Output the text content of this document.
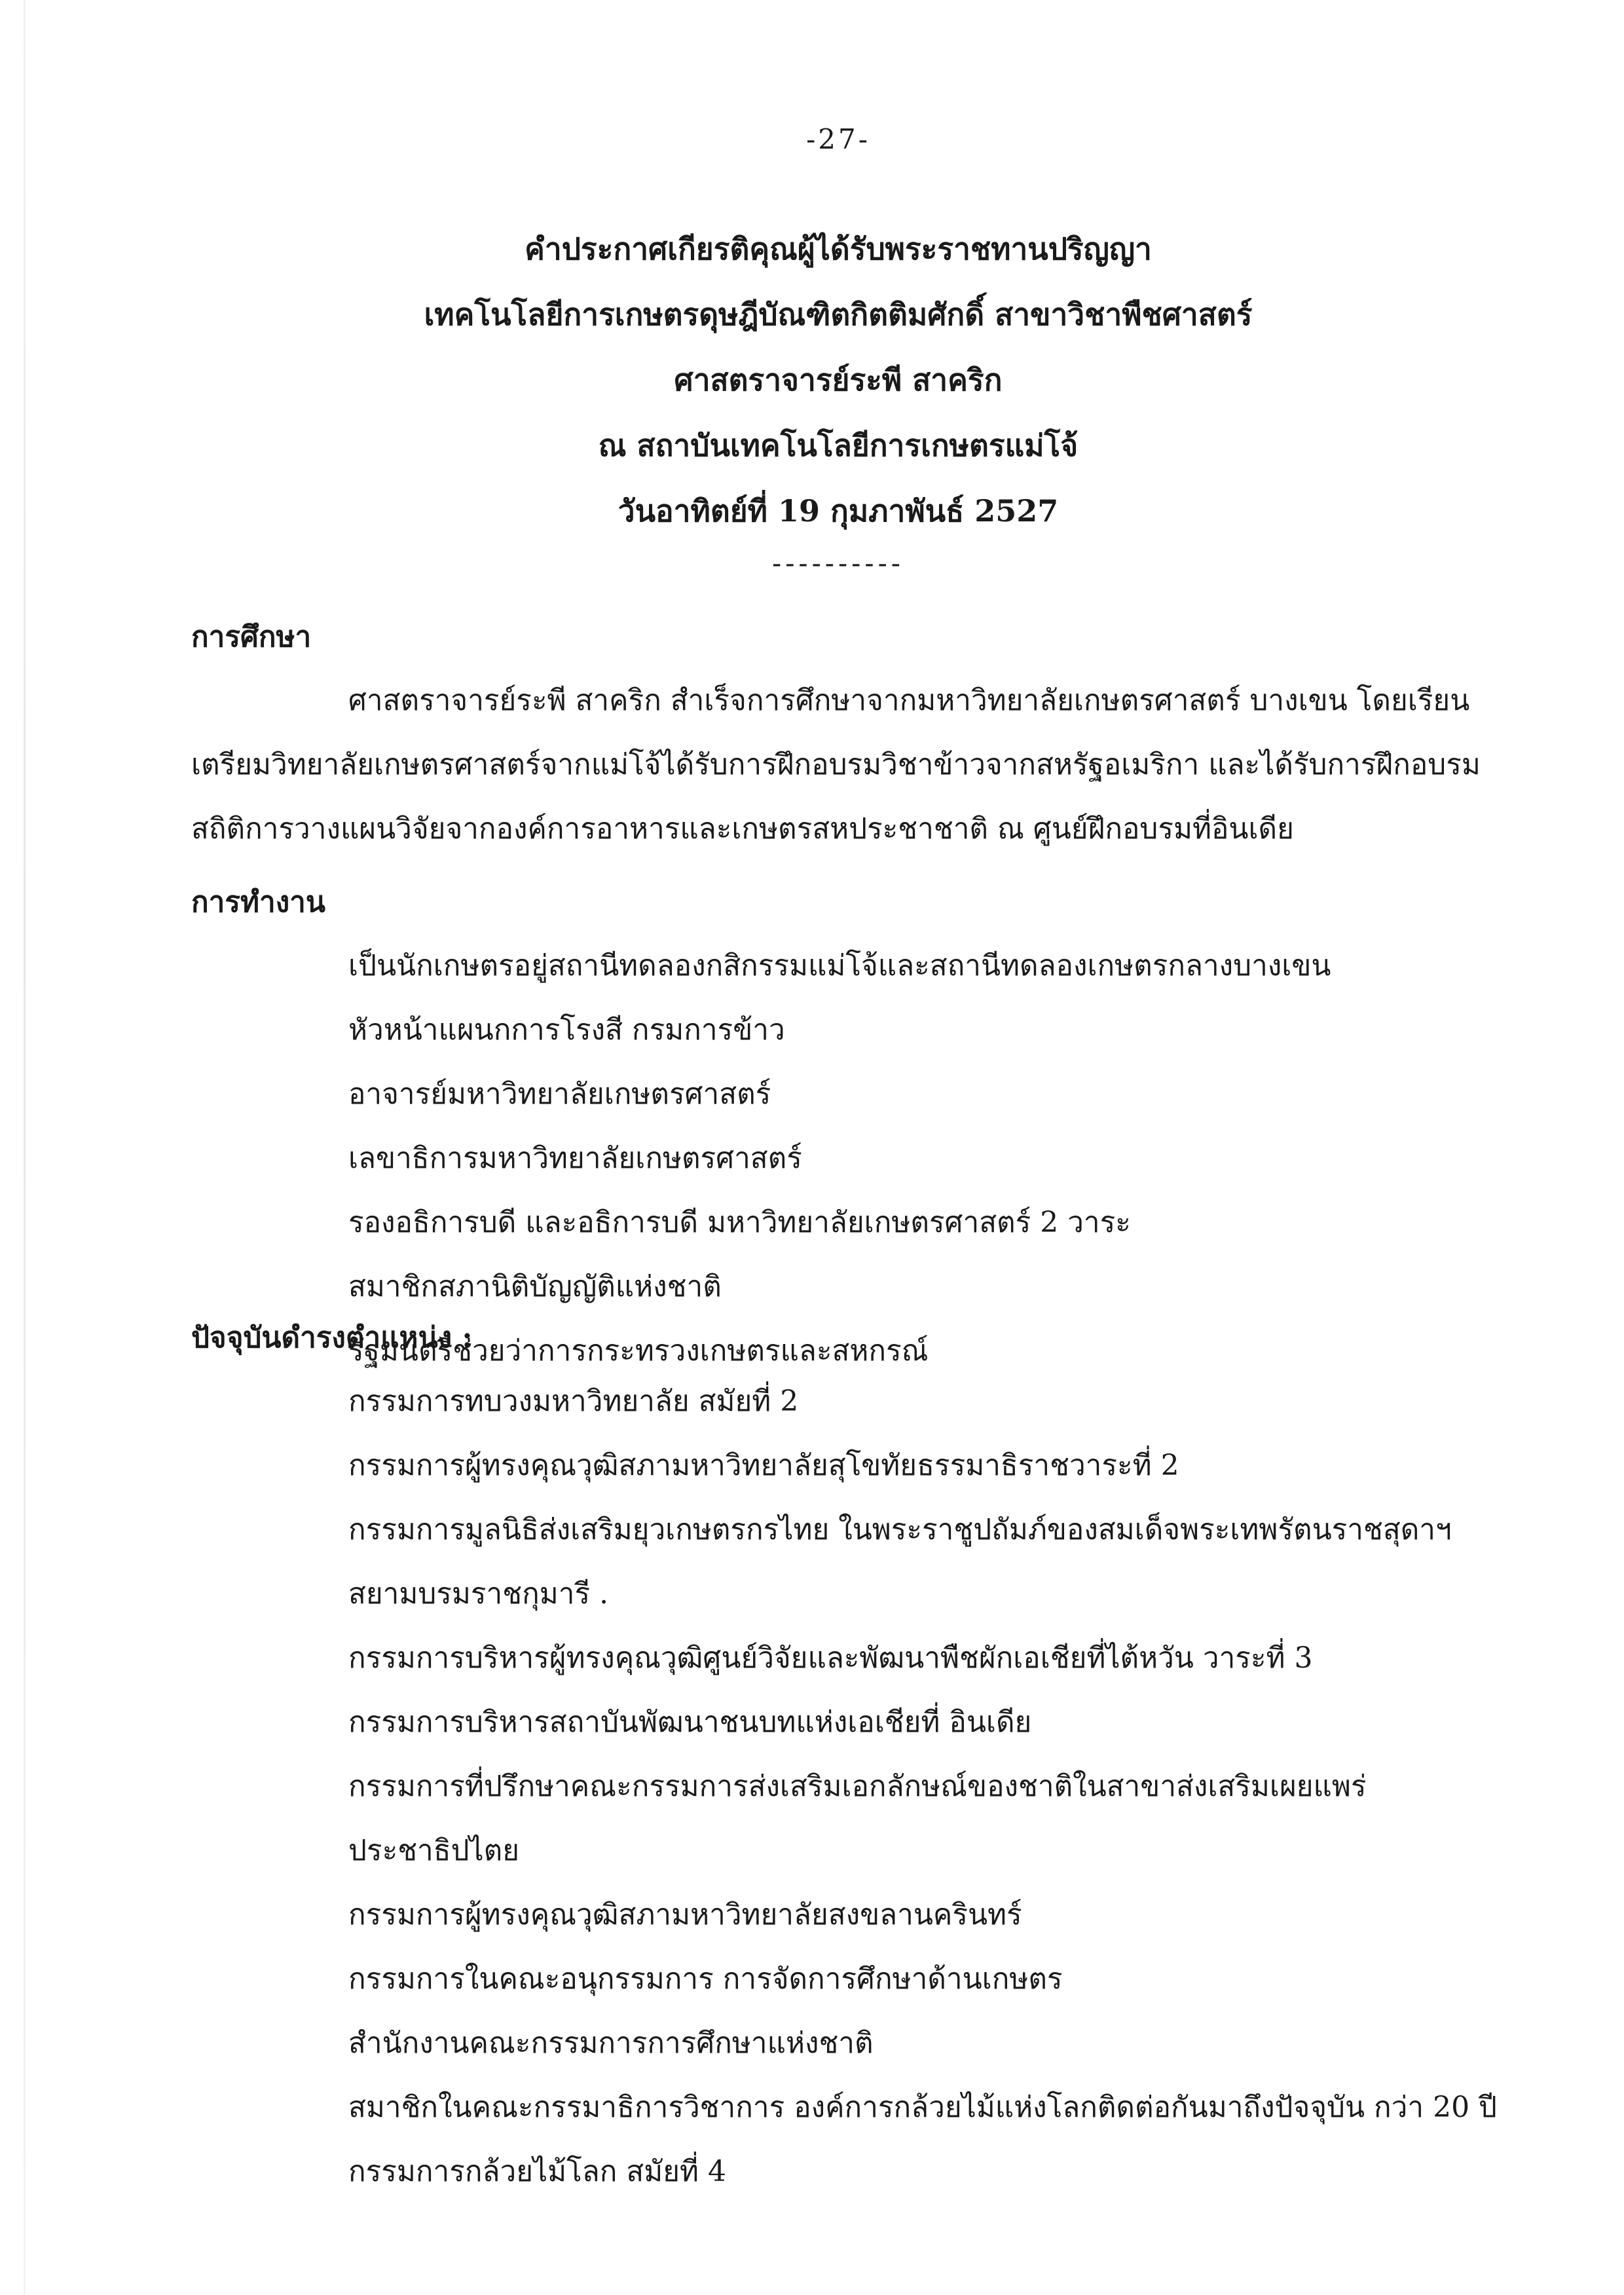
-27-
คำประกาศเกียรติคุณผู้ได้รับพระราชทานปริญญา
เทคโนโลยีการเกษตรดุษฎีบัณฑิตกิตติมศักดิ์ สาขาวิชาพืชศาสตร์
ศาสตราจารย์ระพี สาคริก
ณ สถาบันเทคโนโลยีการเกษตรแม่โจ้
วันอาทิตย์ที่ 19 กุมภาพันธ์ 2527
----------
การศึกษา
ศาสตราจารย์ระพี สาคริก สำเร็จการศึกษาจากมหาวิทยาลัยเกษตรศาสตร์ บางเขน โดยเรียน
เตรียมวิทยาลัยเกษตรศาสตร์จากแม่โจ้ได้รับการฝึกอบรมวิชาข้าวจากสหรัฐอเมริกา และได้รับการฝึกอบรม
สถิติการวางแผนวิจัยจากองค์การอาหารและเกษตรสหประชาชาติ ณ ศูนย์ฝึกอบรมที่อินเดีย
การทำงาน
เป็นนักเกษตรอยู่สถานีทดลองกสิกรรมแม่โจ้และสถานีทดลองเกษตรกลางบางเขน
หัวหน้าแผนกการโรงสี กรมการข้าว
อาจารย์มหาวิทยาลัยเกษตรศาสตร์
เลขาธิการมหาวิทยาลัยเกษตรศาสตร์
รองอธิการบดี และอธิการบดี มหาวิทยาลัยเกษตรศาสตร์ 2 วาระ
สมาชิกสภานิติบัญญัติแห่งชาติ
รัฐมนตรีช่วยว่าการกระทรวงเกษตรและสหกรณ์
ปัจจุบันดำรงตำแหน่ง :
กรรมการทบวงมหาวิทยาลัย สมัยที่ 2
กรรมการผู้ทรงคุณวุฒิสภามหาวิทยาลัยสุโขทัยธรรมาธิราชวาระที่ 2
กรรมการมูลนิธิส่งเสริมยุวเกษตรกรไทย ในพระราชูปถัมภ์ของสมเด็จพระเทพรัตนราชสุดาฯ
สยามบรมราชกุมารี .
กรรมการบริหารผู้ทรงคุณวุฒิศูนย์วิจัยและพัฒนาพืชผักเอเชียที่ไต้หวัน วาระที่ 3
กรรมการบริหารสถาบันพัฒนาชนบทแห่งเอเชียที่ อินเดีย
กรรมการที่ปรึกษาคณะกรรมการส่งเสริมเอกลักษณ์ของชาติในสาขาส่งเสริมเผยแพร่
ประชาธิปไตย
กรรมการผู้ทรงคุณวุฒิสภามหาวิทยาลัยสงขลานครินทร์
กรรมการในคณะอนุกรรมการ การจัดการศึกษาด้านเกษตร
สำนักงานคณะกรรมการการศึกษาแห่งชาติ
สมาชิกในคณะกรรมาธิการวิชาการ องค์การกล้วยไม้แห่งโลกติดต่อกันมาถึงปัจจุบัน กว่า 20 ปี
กรรมการกล้วยไม้โลก สมัยที่ 4
